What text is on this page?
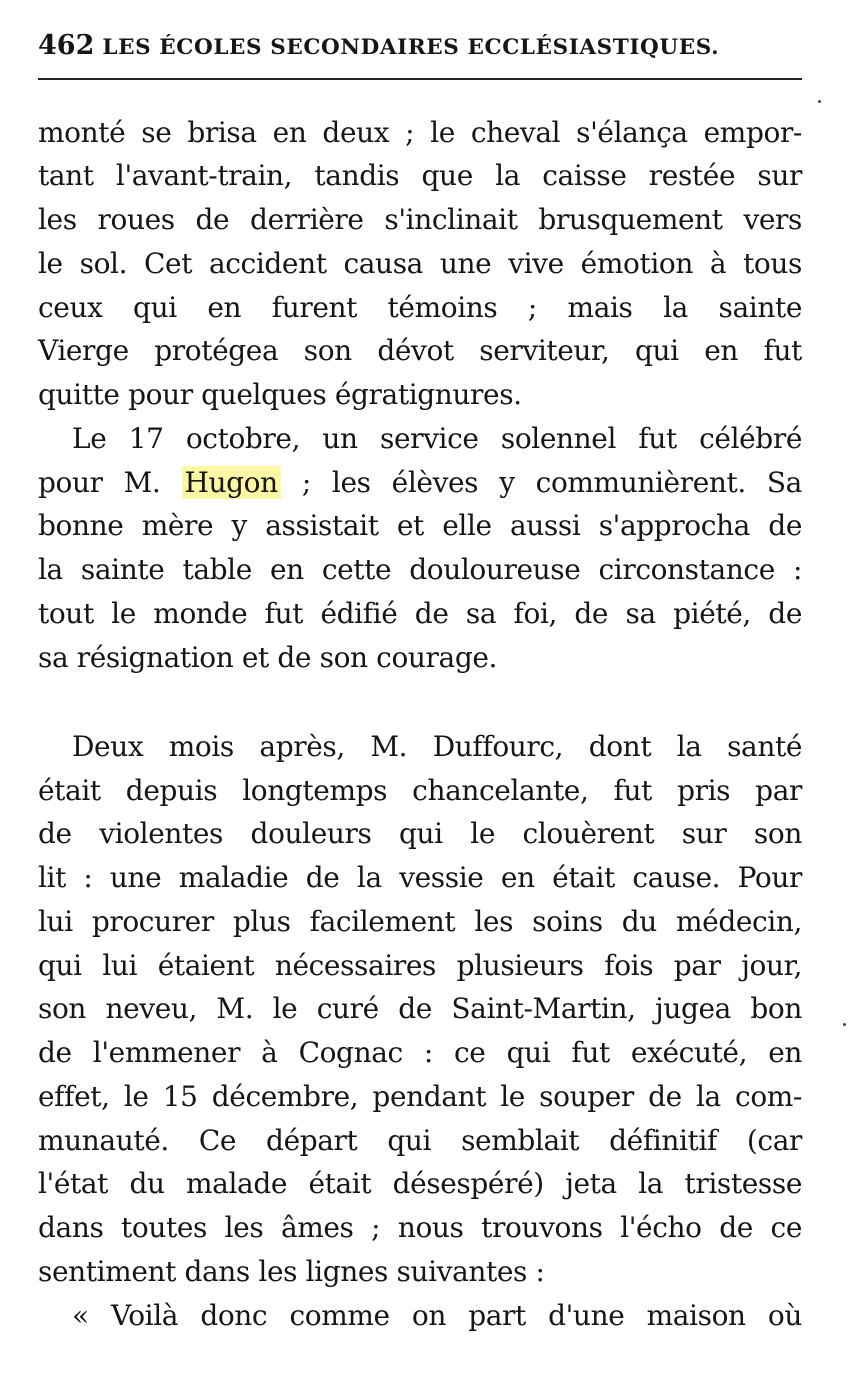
462 LES ÉCOLES SECONDAIRES ECCLÉSIASTIQUES.
monté se brisa en deux ; le cheval s'élança empor-
tant l'avant-train, tandis que la caisse restée sur
les roues de derrière s'inclinait brusquement vers
le sol. Cet accident causa une vive émotion à tous
ceux qui en furent témoins ; mais la sainte
Vierge protégea son dévot serviteur, qui en fut
quitte pour quelques égratignures.
Le 17 octobre, un service solennel fut célébré
pour M. Hugon ; les élèves y communièrent. Sa
bonne mère y assistait et elle aussi s'approcha de
la sainte table en cette douloureuse circonstance :
tout le monde fut édifié de sa foi, de sa piété, de
sa résignation et de son courage.
Deux mois après, M. Duffourc, dont la santé
était depuis longtemps chancelante, fut pris par
de violentes douleurs qui le clouèrent sur son
lit : une maladie de la vessie en était cause. Pour
lui procurer plus facilement les soins du médecin,
qui lui étaient nécessaires plusieurs fois par jour,
son neveu, M. le curé de Saint-Martin, jugea bon
de l'emmener à Cognac : ce qui fut exécuté, en
effet, le 15 décembre, pendant le souper de la com-
munauté. Ce départ qui semblait définitif (car
l'état du malade était désespéré) jeta la tristesse
dans toutes les âmes ; nous trouvons l'écho de ce
sentiment dans les lignes suivantes :
« Voilà donc comme on part d'une maison où
